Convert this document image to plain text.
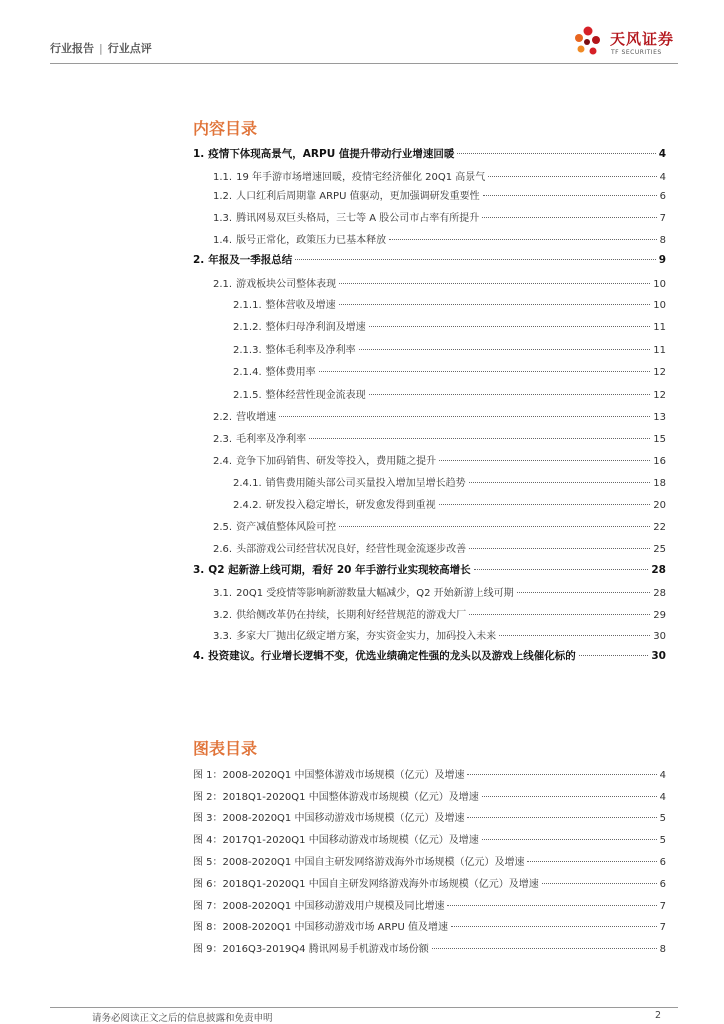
行业报告 | 行业点评
天风证券
TF SECURITIES
内容目录
1. 疫情下体现高景气，ARPU 值提升带动行业增速回暖	4
1.1. 19 年手游市场增速回暖，疫情宅经济催化 20Q1 高景气	4
1.2. 人口红利后周期靠 ARPU 值驱动，更加强调研发重要性	6
1.3. 腾讯网易双巨头格局，三七等 A 股公司市占率有所提升	7
1.4. 版号正常化，政策压力已基本释放	8
2. 年报及一季报总结	9
2.1. 游戏板块公司整体表现	10
2.1.1. 整体营收及增速	10
2.1.2. 整体归母净利润及增速	11
2.1.3. 整体毛利率及净利率	11
2.1.4. 整体费用率	12
2.1.5. 整体经营性现金流表现	12
2.2. 营收增速	13
2.3. 毛利率及净利率	15
2.4. 竞争下加码销售、研发等投入，费用随之提升	16
2.4.1. 销售费用随头部公司买量投入增加呈增长趋势	18
2.4.2. 研发投入稳定增长，研发愈发得到重视	20
2.5. 资产减值整体风险可控	22
2.6. 头部游戏公司经营状况良好，经营性现金流逐步改善	25
3. Q2 起新游上线可期，看好 20 年手游行业实现较高增长	28
3.1. 20Q1 受疫情等影响新游数量大幅减少，Q2 开始新游上线可期	28
3.2. 供给侧改革仍在持续，长期利好经营规范的游戏大厂	29
3.3. 多家大厂抛出亿级定增方案，夯实资金实力，加码投入未来	30
4. 投资建议。行业增长逻辑不变，优选业绩确定性强的龙头以及游戏上线催化标的	30
图表目录
图 1： 2008-2020Q1 中国整体游戏市场规模（亿元）及增速	4
图 2： 2018Q1-2020Q1 中国整体游戏市场规模（亿元）及增速	4
图 3： 2008-2020Q1 中国移动游戏市场规模（亿元）及增速	5
图 4： 2017Q1-2020Q1 中国移动游戏市场规模（亿元）及增速	5
图 5： 2008-2020Q1 中国自主研发网络游戏海外市场规模（亿元）及增速	6
图 6： 2018Q1-2020Q1 中国自主研发网络游戏海外市场规模（亿元）及增速	6
图 7： 2008-2020Q1 中国移动游戏用户规模及同比增速	7
图 8： 2008-2020Q1 中国移动游戏市场 ARPU 值及增速	7
图 9： 2016Q3-2019Q4 腾讯网易手机游戏市场份额	8
请务必阅读正文之后的信息披露和免责申明	2
